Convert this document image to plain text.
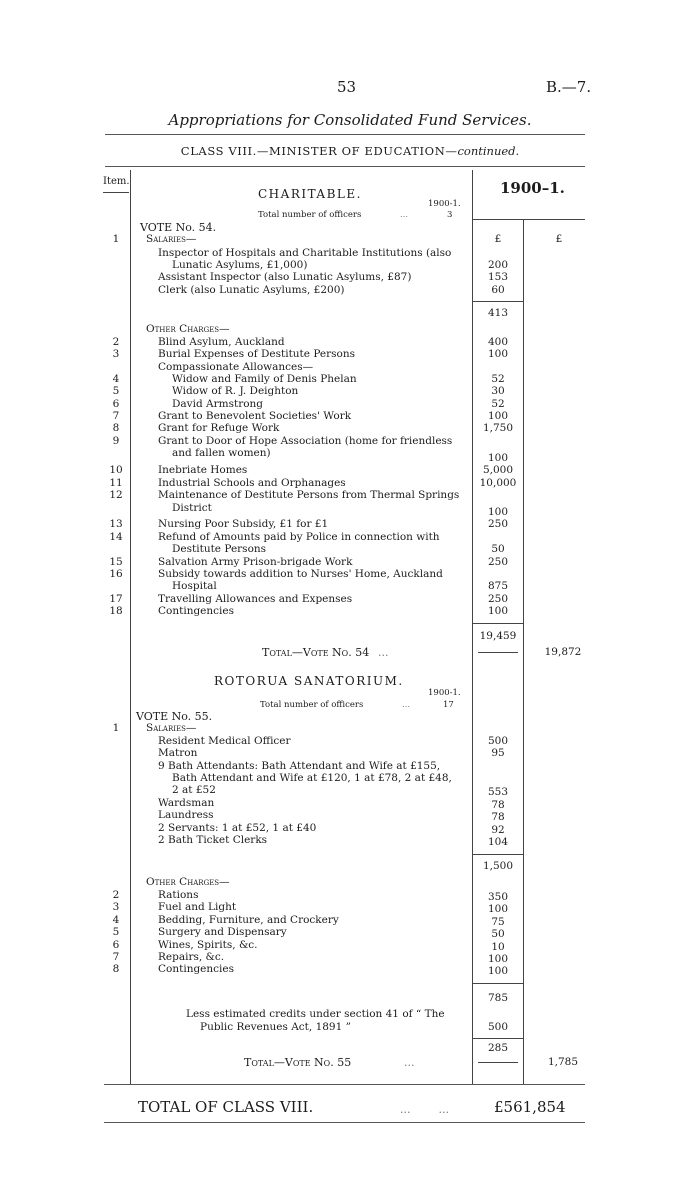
53	B.—7.
Appropriations for Consolidated Fund Services.
CLASS VIII.—MINISTER OF EDUCATION—continued.
Item.	1900–1.
CHARITABLE.
1900-1.
Total number of officers	...	3
VOTE No. 54.
Salaries—	£	£
1
Inspector of Hospitals and Charitable Institutions (also
Lunatic Asylums, £1,000)	200
Assistant Inspector (also Lunatic Asylums, £87)	153
Clerk (also Lunatic Asylums, £200)	60
413
Other Charges—
2	Blind Asylum, Auckland	400
3	Burial Expenses of Destitute Persons	100
Compassionate Allowances—
4	Widow and Family of Denis Phelan	52
5	Widow of R. J. Deighton	30
6	David Armstrong	52
7	Grant to Benevolent Societies' Work	100
8	Grant for Refuge Work	1,750
9	Grant to Door of Hope Association (home for friendless
and fallen women)	100
10	Inebriate Homes	5,000
11	Industrial Schools and Orphanages	10,000
12	Maintenance of Destitute Persons from Thermal Springs
District	100
13	Nursing Poor Subsidy, £1 for £1	250
14	Refund of Amounts paid by Police in connection with
Destitute Persons	50
15	Salvation Army Prison-brigade Work	250
16	Subsidy towards addition to Nurses' Home, Auckland
Hospital	875
17	Travelling Allowances and Expenses	250
18	Contingencies	100
19,459
Total—Vote No. 54 ...	19,872
ROTORUA SANATORIUM.
1900-1.
Total number of officers	...	17
VOTE No. 55.
Salaries—
1
Resident Medical Officer	500
Matron	95
9 Bath Attendants: Bath Attendant and Wife at £155,
Bath Attendant and Wife at £120, 1 at £78, 2 at £48,
2 at £52	553
Wardsman	78
Laundress	78
2 Servants: 1 at £52, 1 at £40	92
2 Bath Ticket Clerks	104
1,500
Other Charges—
2	Rations	350
3	Fuel and Light	100
4	Bedding, Furniture, and Crockery	75
5	Surgery and Dispensary	50
6	Wines, Spirits, &c.	10
7	Repairs, &c.	100
8	Contingencies	100
785
Less estimated credits under section 41 of “ The
Public Revenues Act, 1891 ”	500
285
Total—Vote No. 55	...	1,785
TOTAL OF CLASS VIII.	...        ...	£561,854
